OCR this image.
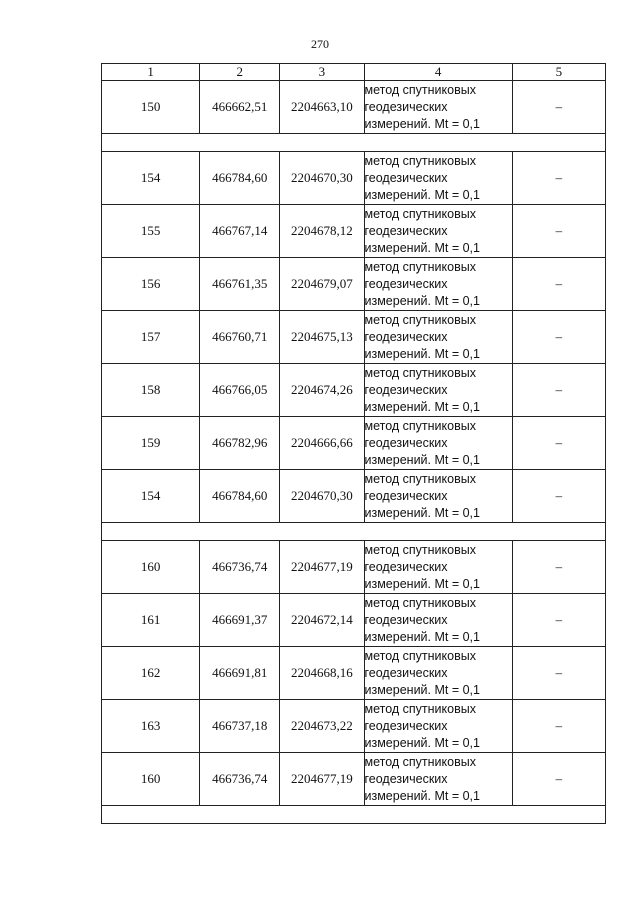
270
1	2	3	4	5
150	466662,51	2204663,10	метод спутниковых
геодезических
измерений. Mt = 0,1	–

154	466784,60	2204670,30	метод спутниковых
геодезических
измерений. Mt = 0,1	–
155	466767,14	2204678,12	метод спутниковых
геодезических
измерений. Mt = 0,1	–
156	466761,35	2204679,07	метод спутниковых
геодезических
измерений. Mt = 0,1	–
157	466760,71	2204675,13	метод спутниковых
геодезических
измерений. Mt = 0,1	–
158	466766,05	2204674,26	метод спутниковых
геодезических
измерений. Mt = 0,1	–
159	466782,96	2204666,66	метод спутниковых
геодезических
измерений. Mt = 0,1	–
154	466784,60	2204670,30	метод спутниковых
геодезических
измерений. Mt = 0,1	–

160	466736,74	2204677,19	метод спутниковых
геодезических
измерений. Mt = 0,1	–
161	466691,37	2204672,14	метод спутниковых
геодезических
измерений. Mt = 0,1	–
162	466691,81	2204668,16	метод спутниковых
геодезических
измерений. Mt = 0,1	–
163	466737,18	2204673,22	метод спутниковых
геодезических
измерений. Mt = 0,1	–
160	466736,74	2204677,19	метод спутниковых
геодезических
измерений. Mt = 0,1	–
